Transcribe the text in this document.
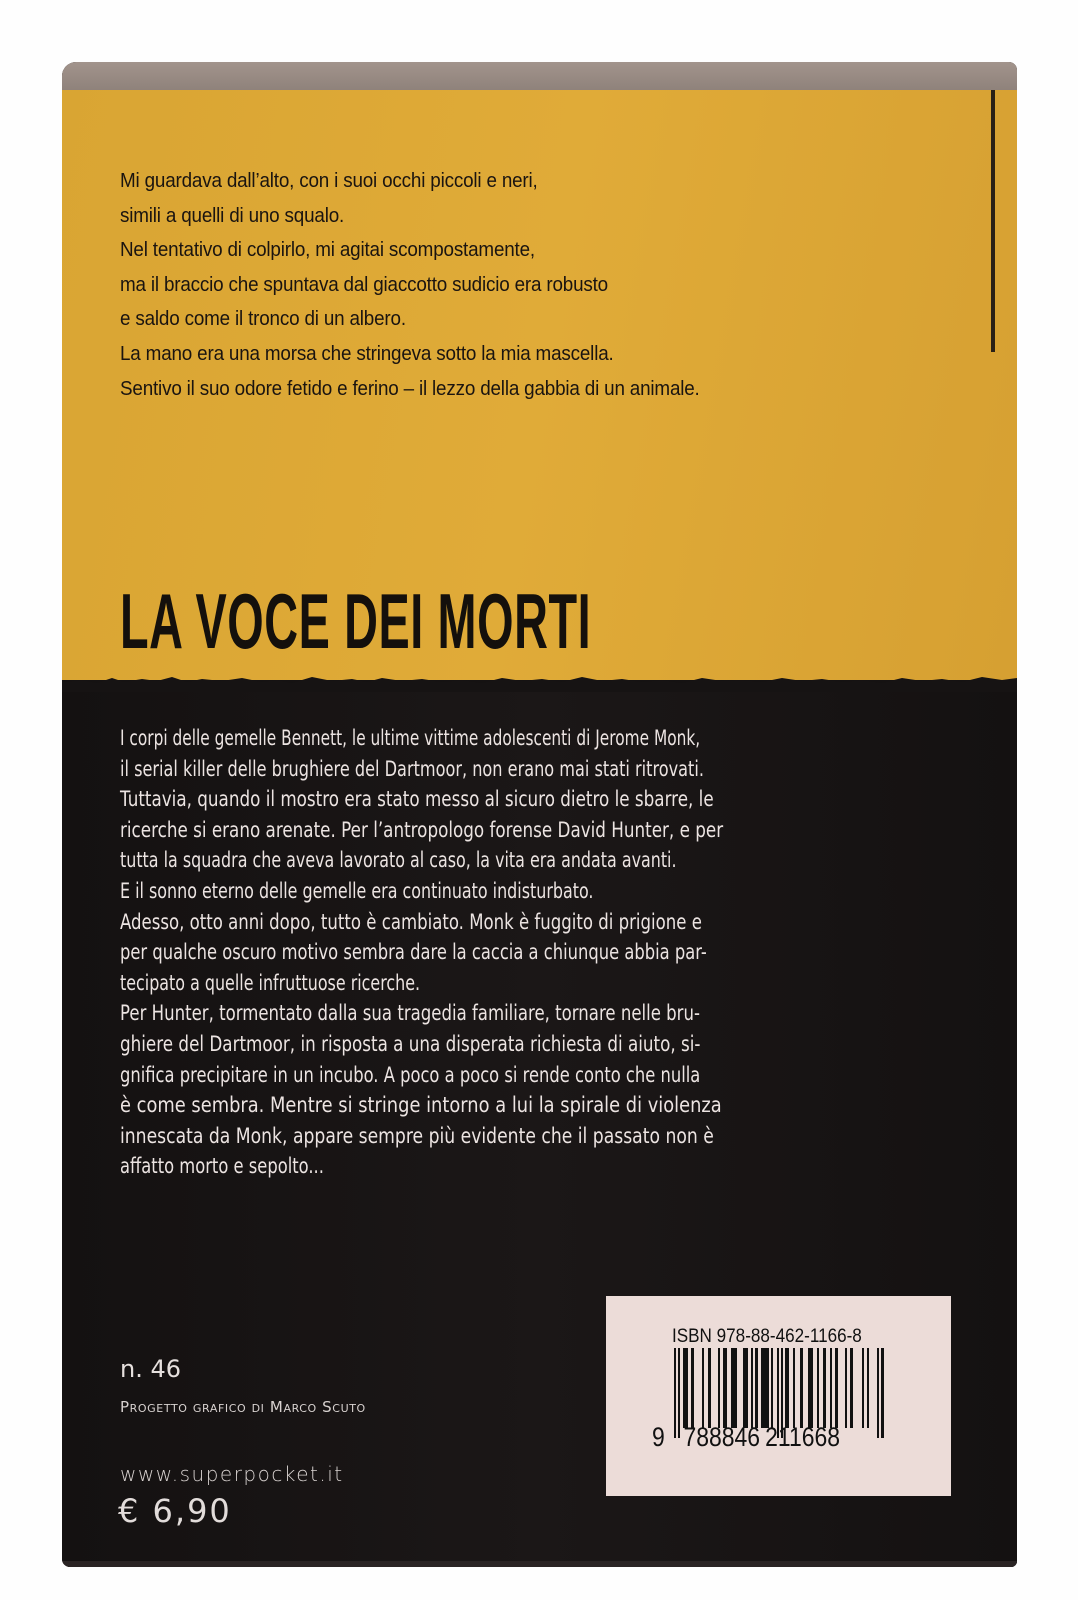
Mi guardava dall’alto, con i suoi occhi piccoli e neri,
simili a quelli di uno squalo.
Nel tentativo di colpirlo, mi agitai scompostamente,
ma il braccio che spuntava dal giaccotto sudicio era robusto
e saldo come il tronco di un albero.
La mano era una morsa che stringeva sotto la mia mascella.
Sentivo il suo odore fetido e ferino – il lezzo della gabbia di un animale.
LA VOCE DEI MORTI
I corpi delle gemelle Bennett, le ultime vittime adolescenti di Jerome Monk,
il serial killer delle brughiere del Dartmoor, non erano mai stati ritrovati.
Tuttavia, quando il mostro era stato messo al sicuro dietro le sbarre, le
ricerche si erano arenate. Per l’antropologo forense David Hunter, e per
tutta la squadra che aveva lavorato al caso, la vita era andata avanti.
E il sonno eterno delle gemelle era continuato indisturbato.
Adesso, otto anni dopo, tutto è cambiato. Monk è fuggito di prigione e
per qualche oscuro motivo sembra dare la caccia a chiunque abbia par-
tecipato a quelle infruttuose ricerche.
Per Hunter, tormentato dalla sua tragedia familiare, tornare nelle bru-
ghiere del Dartmoor, in risposta a una disperata richiesta di aiuto, si-
gnifica precipitare in un incubo. A poco a poco si rende conto che nulla
è come sembra. Mentre si stringe intorno a lui la spirale di violenza
innescata da Monk, appare sempre più evidente che il passato non è
affatto morto e sepolto...
n. 46
Progetto grafico di Marco Scuto
www.superpocket.it
€ 6,90
ISBN 978-88-462-1166-8
9 788846 211668
